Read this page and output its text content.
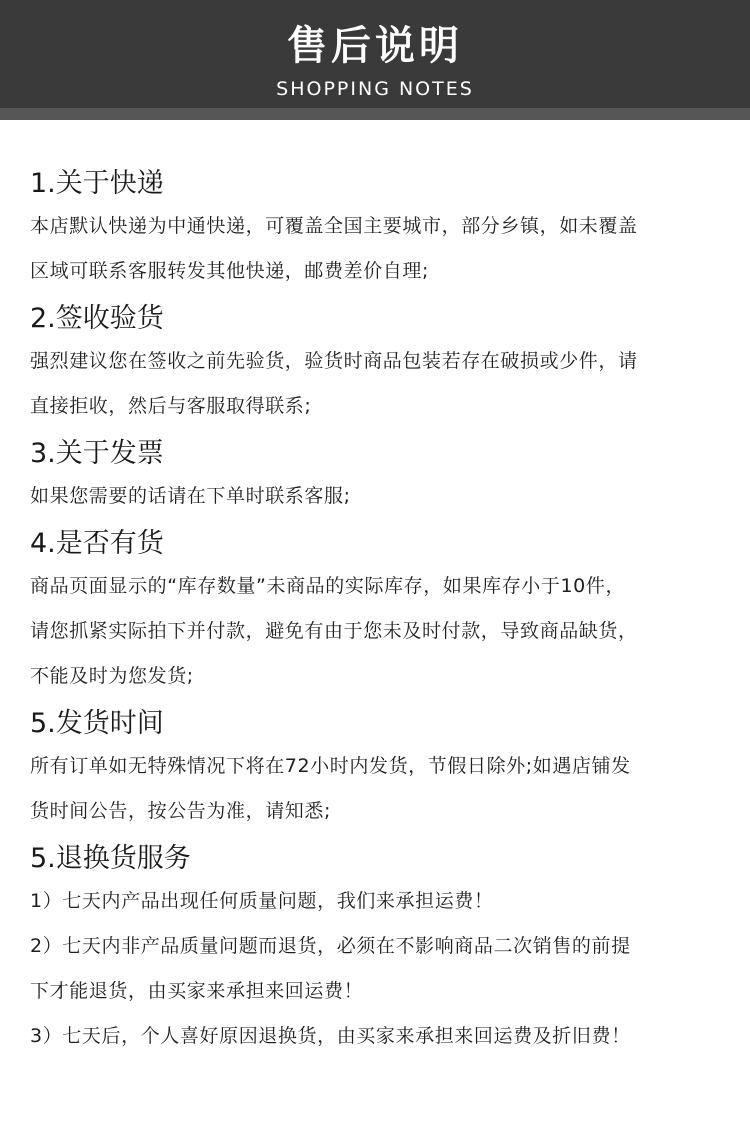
售后说明
SHOPPING NOTES
1.关于快递
本店默认快递为中通快递，可覆盖全国主要城市，部分乡镇，如未覆盖
区域可联系客服转发其他快递，邮费差价自理;
2.签收验货
强烈建议您在签收之前先验货，验货时商品包装若存在破损或少件，请
直接拒收，然后与客服取得联系;
3.关于发票
如果您需要的话请在下单时联系客服;
4.是否有货
商品页面显示的“库存数量”未商品的实际库存，如果库存小于10件，
请您抓紧实际拍下并付款，避免有由于您未及时付款，导致商品缺货，
不能及时为您发货;
5.发货时间
所有订单如无特殊情况下将在72小时内发货，节假日除外;如遇店铺发
货时间公告，按公告为准，请知悉;
5.退换货服务
1）七天内产品出现任何质量问题，我们来承担运费！
2）七天内非产品质量问题而退货，必须在不影响商品二次销售的前提
下才能退货，由买家来承担来回运费！
3）七天后，个人喜好原因退换货，由买家来承担来回运费及折旧费！
